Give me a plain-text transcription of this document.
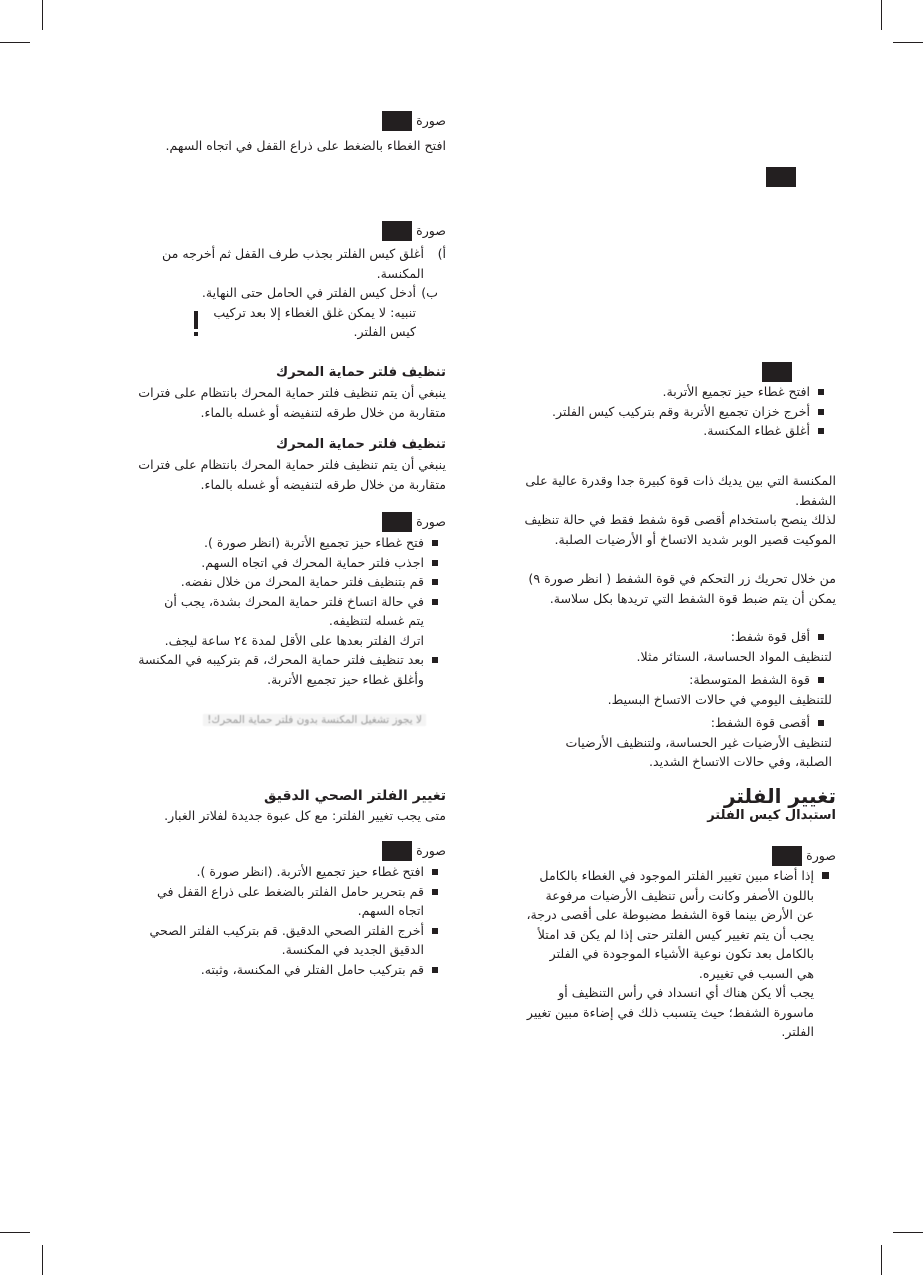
صورة
افتح الغطاء بالضغط على ذراع القفل في اتجاه السهم.
صورة
أ)
أغلق كيس الفلتر بجذب طرف القفل ثم أخرجه من
المكنسة.
ب)
أدخل كيس الفلتر في الحامل حتى النهاية.
تنبيه: لا يمكن غلق الغطاء إلا بعد تركيب
كيس الفلتر.
تنظيف فلتر حماية المحرك
ينبغي أن يتم تنظيف فلتر حماية المحرك بانتظام على فترات
متقاربة من خلال طرقه لتنفيضه أو غسله بالماء.
تنظيف فلتر حماية المحرك
ينبغي أن يتم تنظيف فلتر حماية المحرك بانتظام على فترات
متقاربة من خلال طرقه لتنفيضه أو غسله بالماء.
صورة
فتح غطاء حيز تجميع الأتربة (انظر صورة ).
اجذب فلتر حماية المحرك في اتجاه السهم.
قم بتنظيف فلتر حماية المحرك من خلال نفضه.
في حالة اتساخ فلتر حماية المحرك بشدة، يجب أن
يتم غسله لتنظيفه.
اترك الفلتر بعدها على الأقل لمدة ٢٤ ساعة ليجف.
بعد تنظيف فلتر حماية المحرك، قم بتركيبه في المكنسة
وأغلق غطاء حيز تجميع الأتربة.
لا يجوز تشغيل المكنسة بدون فلتر حماية المحرك!
تغيير الفلتر الصحي الدقيق
متى يجب تغيير الفلتر: مع كل عبوة جديدة لفلاتر الغبار.
صورة
افتح غطاء حيز تجميع الأتربة. (انظر صورة ).
قم بتحرير حامل الفلتر بالضغط على ذراع القفل في
اتجاه السهم.
أخرج الفلتر الصحي الدقيق. قم بتركيب الفلتر الصحي
الدقيق الجديد في المكنسة.
قم بتركيب حامل الفتلر في المكنسة، وثبته.
افتح غطاء حيز تجميع الأتربة.
أخرج خزان تجميع الأتربة وقم بتركيب كيس الفلتر.
أغلق غطاء المكنسة.
المكنسة التي بين يديك ذات قوة كبيرة جدا وقدرة عالية على
الشفط.
لذلك ينصح باستخدام أقصى قوة شفط فقط في حالة تنظيف
الموكيت قصير الوبر شديد الاتساخ أو الأرضيات الصلبة.
من خلال تحريك زر التحكم في قوة الشفط ( انظر صورة ٩)
يمكن أن يتم ضبط قوة الشفط التي تريدها بكل سلاسة.
أقل قوة شفط:
لتنظيف المواد الحساسة، الستائر مثلا.
قوة الشفط المتوسطة:
للتنظيف اليومي في حالات الاتساخ البسيط.
أقصى قوة الشفط:
لتنظيف الأرضيات غير الحساسة، ولتنظيف الأرضيات
الصلبة، وفي حالات الاتساخ الشديد.
تغيير الفلتر
استبدال كيس الفلتر
صورة
إذا أضاء مبين تغيير الفلتر الموجود في الغطاء بالكامل
باللون الأصفر وكانت رأس تنظيف الأرضيات مرفوعة
عن الأرض بينما قوة الشفط مضبوطة على أقصى درجة،
يجب أن يتم تغيير كيس الفلتر حتى إذا لم يكن قد امتلأ
بالكامل بعد تكون نوعية الأشياء الموجودة في الفلتر
هي السبب في تغييره.
يجب ألا يكن هناك أي انسداد في رأس التنظيف أو
ماسورة الشفط؛ حيث يتسبب ذلك في إضاءة مبين تغيير
الفلتر.
